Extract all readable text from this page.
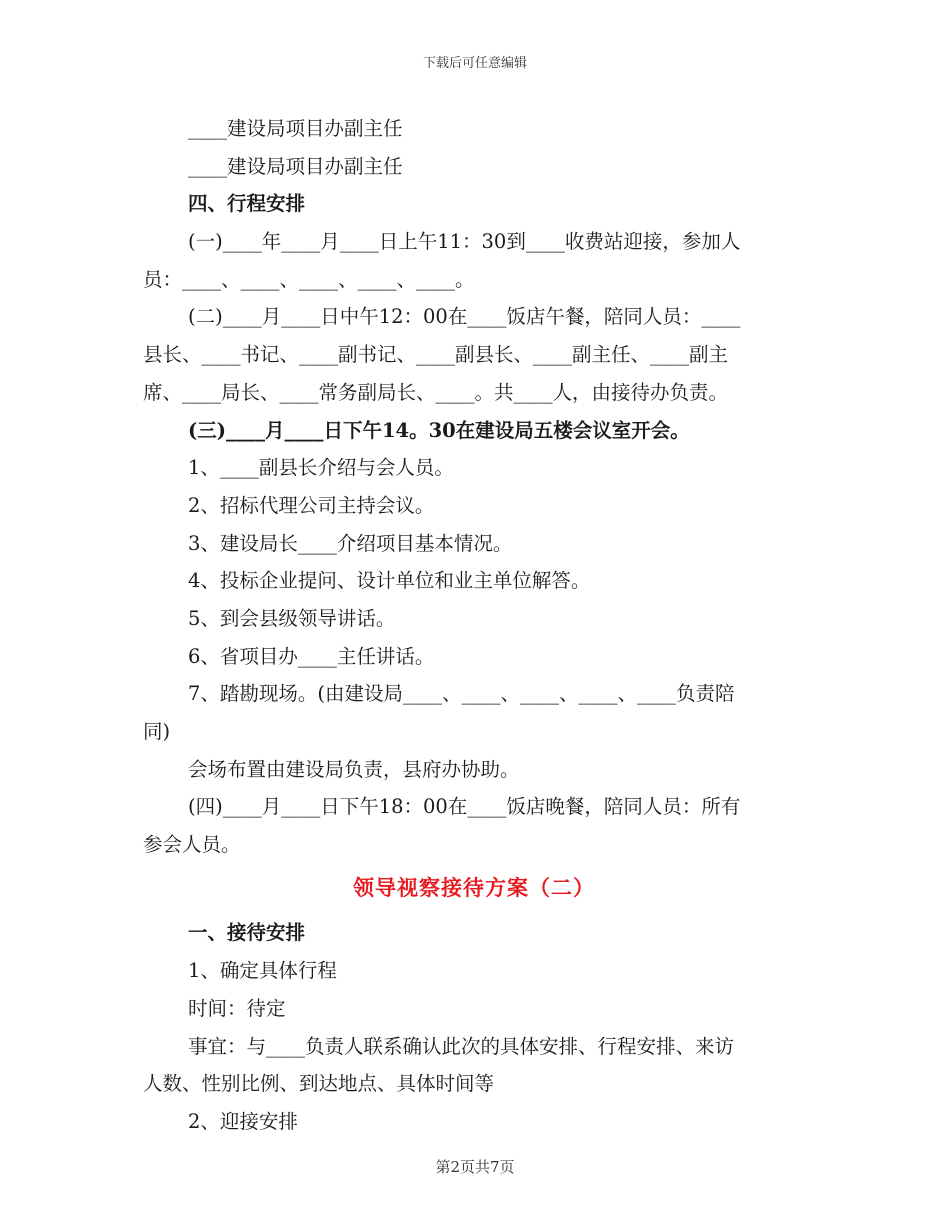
下载后可任意编辑
____建设局项目办副主任
____建设局项目办副主任
四、行程安排
(一)____年____月____日上午11：30到____收费站迎接，参加人
员：____、____、____、____、____。
(二)____月____日中午12：00在____饭店午餐，陪同人员：____
县长、____书记、____副书记、____副县长、____副主任、____副主
席、____局长、____常务副局长、____。共____人，由接待办负责。
(三)____月____日下午14。30在建设局五楼会议室开会。
1、____副县长介绍与会人员。
2、招标代理公司主持会议。
3、建设局长____介绍项目基本情况。
4、投标企业提问、设计单位和业主单位解答。
5、到会县级领导讲话。
6、省项目办____主任讲话。
7、踏勘现场。(由建设局____、____、____、____、____负责陪
同)
会场布置由建设局负责，县府办协助。
(四)____月____日下午18：00在____饭店晚餐，陪同人员：所有
参会人员。
领导视察接待方案（二）
一、接待安排
1、确定具体行程
时间：待定
事宜：与____负责人联系确认此次的具体安排、行程安排、来访
人数、性别比例、到达地点、具体时间等
2、迎接安排
第2页共7页
